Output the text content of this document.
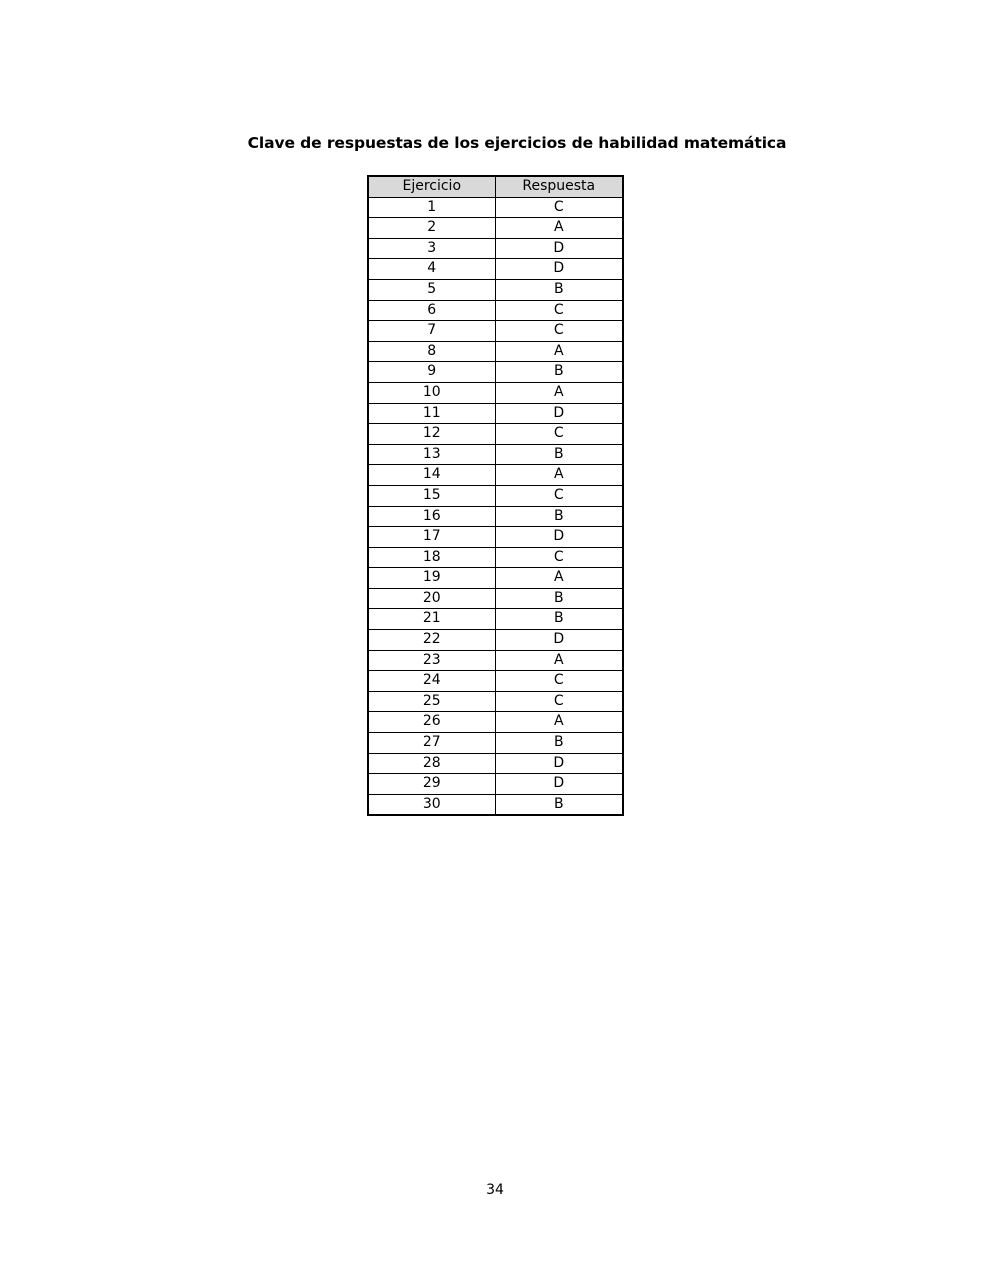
Clave de respuestas de los ejercicios de habilidad matemática
Ejercicio	Respuesta
1	C
2	A
3	D
4	D
5	B
6	C
7	C
8	A
9	B
10	A
11	D
12	C
13	B
14	A
15	C
16	B
17	D
18	C
19	A
20	B
21	B
22	D
23	A
24	C
25	C
26	A
27	B
28	D
29	D
30	B
34
